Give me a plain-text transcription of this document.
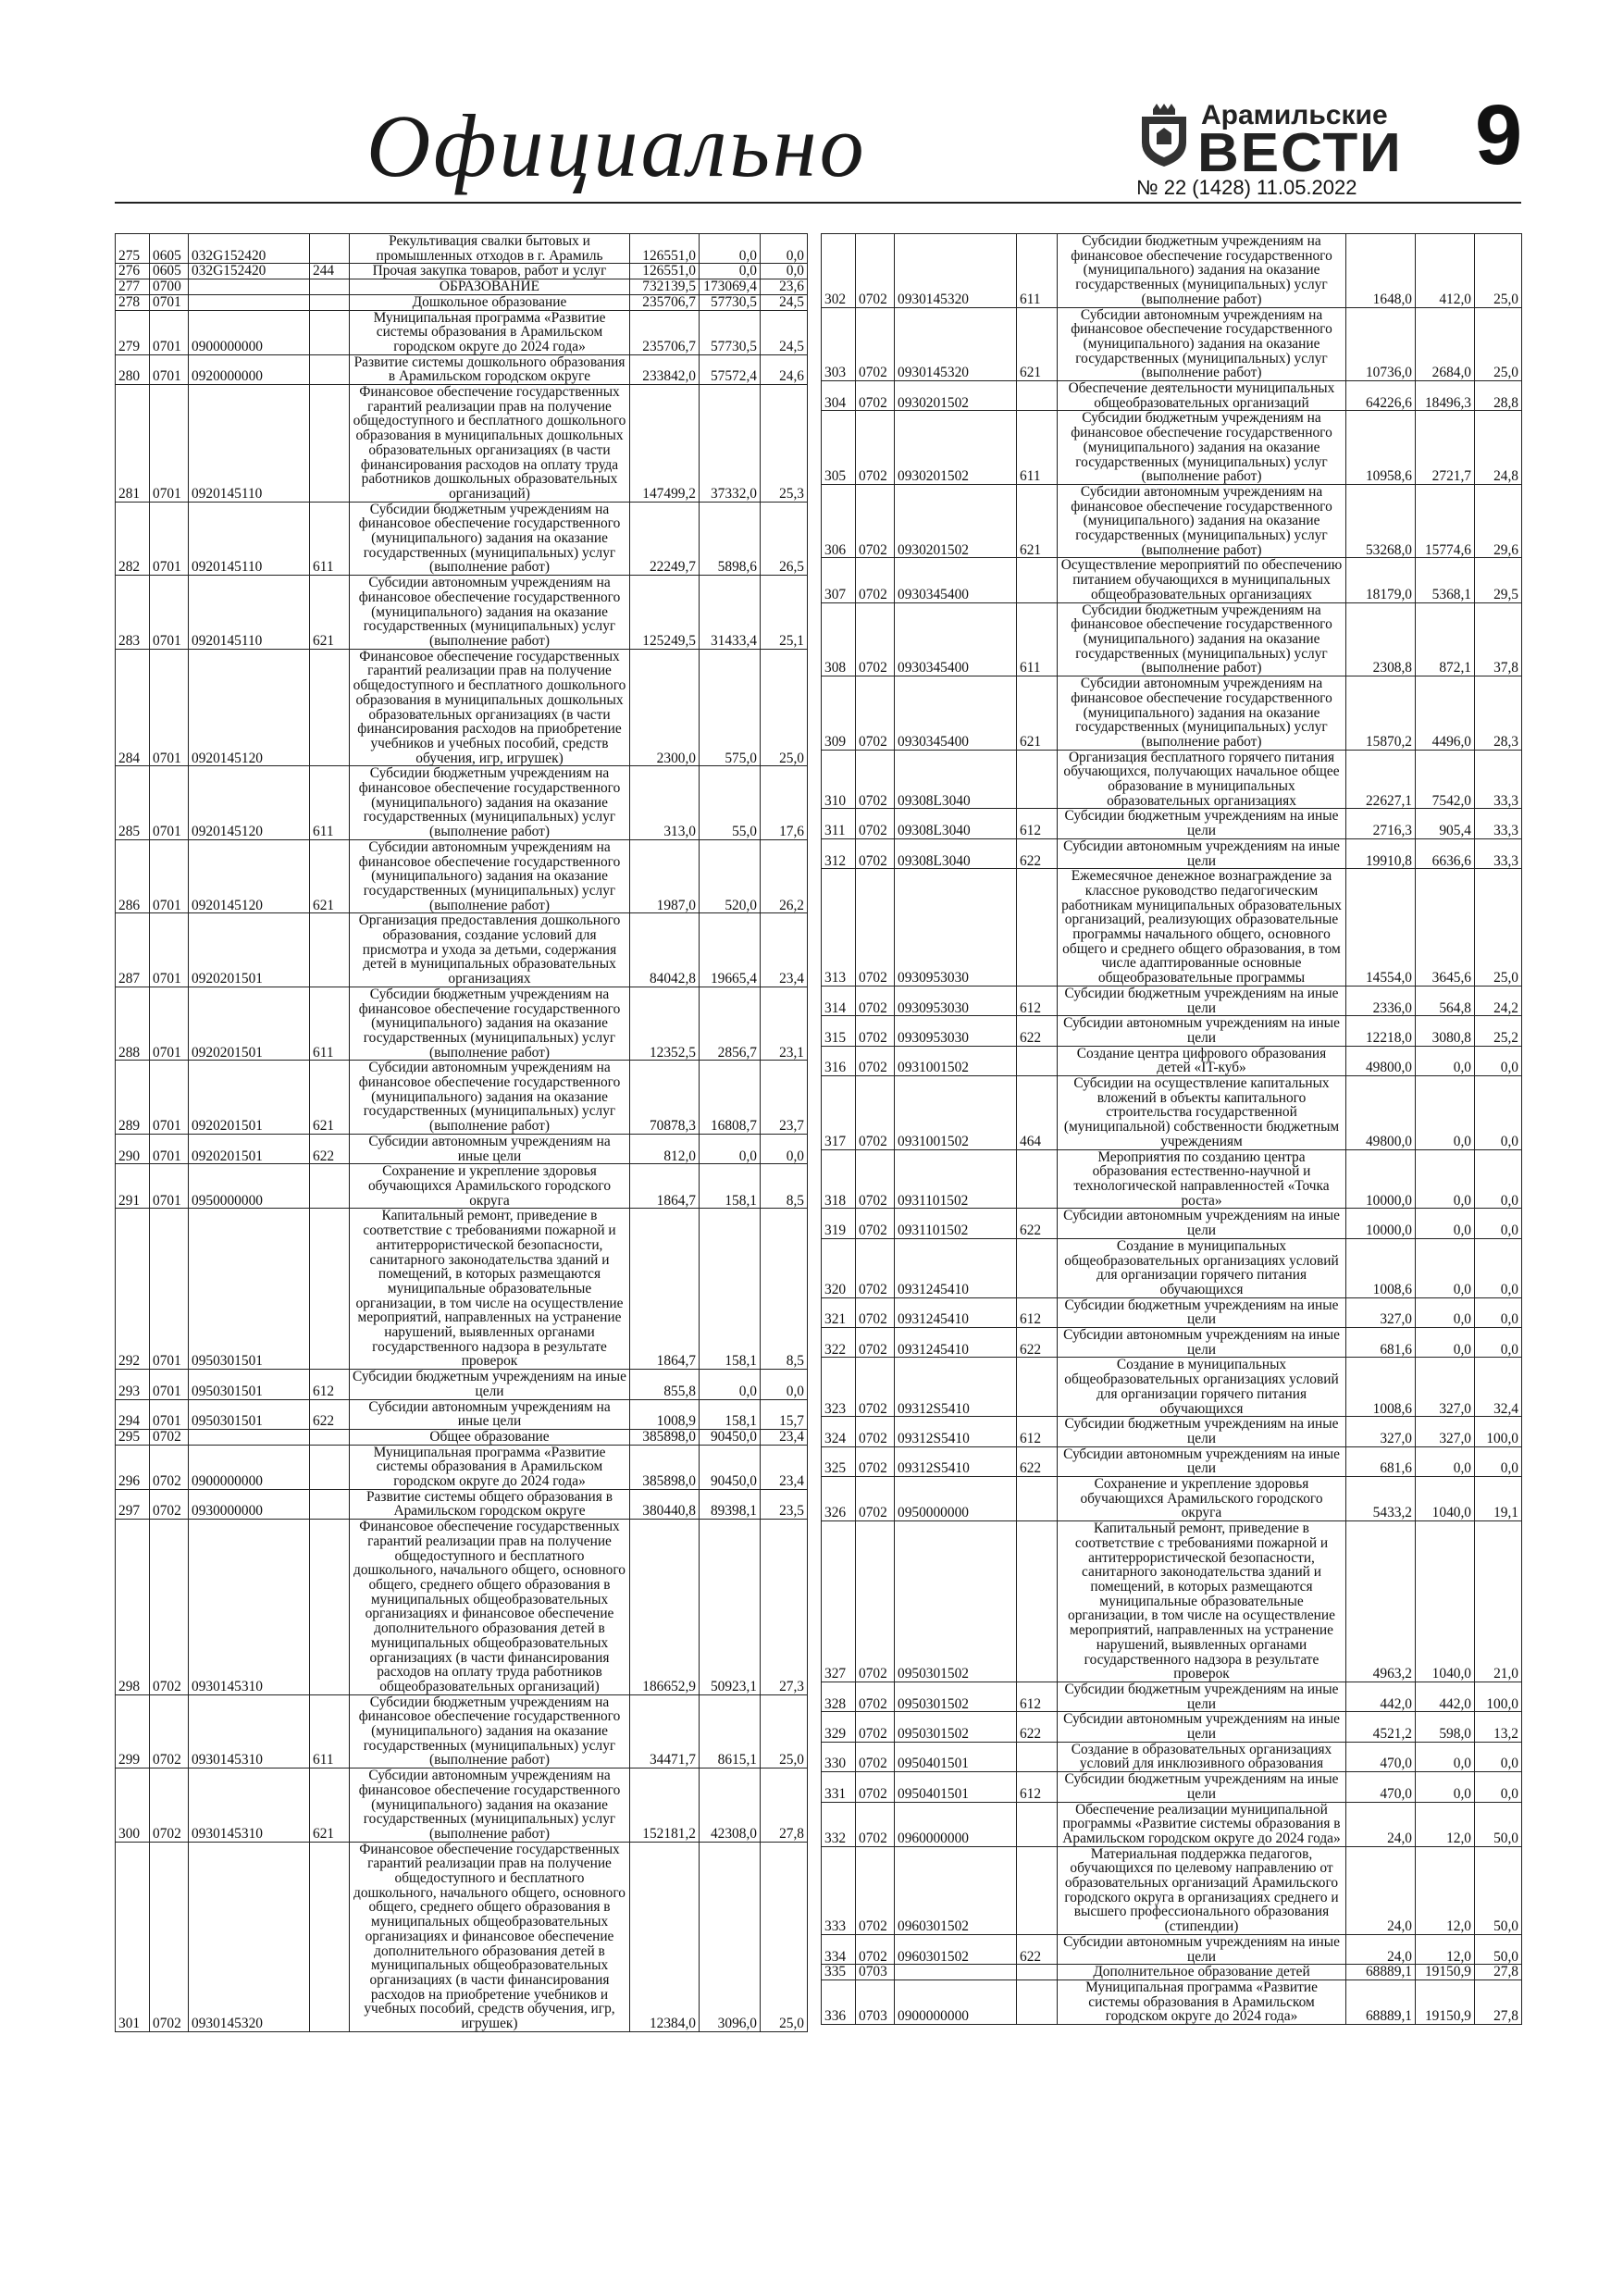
Официально	Арамильские
ВЕСТИ
№ 22 (1428) 11.05.2022
9
275	0605	032G152420		Рекультивация свалки бытовых и промышленных отходов в г. Арамиль	126551,0	0,0	0,0
276	0605	032G152420	244	Прочая закупка товаров, работ и услуг	126551,0	0,0	0,0
277	0700			ОБРАЗОВАНИЕ	732139,5	173069,4	23,6
278	0701			Дошкольное образование	235706,7	57730,5	24,5
279	0701	0900000000		Муниципальная программа «Развитие системы образования в Арамильском городском округе до 2024 года»	235706,7	57730,5	24,5
280	0701	0920000000		Развитие системы дошкольного образования в Арамильском городском округе	233842,0	57572,4	24,6
281	0701	0920145110		Финансовое обеспечение государственных гарантий реализации прав на получение общедоступного и бесплатного дошкольного образования в муниципальных дошкольных образовательных организациях (в части финансирования расходов на оплату труда работников дошкольных образовательных организаций)	147499,2	37332,0	25,3
282	0701	0920145110	611	Субсидии бюджетным учреждениям на финансовое обеспечение государственного (муниципального) задания на оказание государственных (муниципальных) услуг (выполнение работ)	22249,7	5898,6	26,5
283	0701	0920145110	621	Субсидии автономным учреждениям на финансовое обеспечение государственного (муниципального) задания на оказание государственных (муниципальных) услуг (выполнение работ)	125249,5	31433,4	25,1
284	0701	0920145120		Финансовое обеспечение государственных гарантий реализации прав на получение общедоступного и бесплатного дошкольного образования в муниципальных дошкольных образовательных организациях (в части финансирования расходов на приобретение учебников и учебных пособий, средств обучения, игр, игрушек)	2300,0	575,0	25,0
285	0701	0920145120	611	Субсидии бюджетным учреждениям на финансовое обеспечение государственного (муниципального) задания на оказание государственных (муниципальных) услуг (выполнение работ)	313,0	55,0	17,6
286	0701	0920145120	621	Субсидии автономным учреждениям на финансовое обеспечение государственного (муниципального) задания на оказание государственных (муниципальных) услуг (выполнение работ)	1987,0	520,0	26,2
287	0701	0920201501		Организация предоставления дошкольного образования, создание условий для присмотра и ухода за детьми, содержания детей в муниципальных образовательных организациях	84042,8	19665,4	23,4
288	0701	0920201501	611	Субсидии бюджетным учреждениям на финансовое обеспечение государственного (муниципального) задания на оказание государственных (муниципальных) услуг (выполнение работ)	12352,5	2856,7	23,1
289	0701	0920201501	621	Субсидии автономным учреждениям на финансовое обеспечение государственного (муниципального) задания на оказание государственных (муниципальных) услуг (выполнение работ)	70878,3	16808,7	23,7
290	0701	0920201501	622	Субсидии автономным учреждениям на иные цели	812,0	0,0	0,0
291	0701	0950000000		Сохранение и укрепление здоровья обучающихся Арамильского городского округа	1864,7	158,1	8,5
292	0701	0950301501		Капитальный ремонт, приведение в соответствие с требованиями пожарной и антитеррористической безопасности, санитарного законодательства зданий и помещений, в которых размещаются муниципальные образовательные организации, в том числе на осуществление мероприятий, направленных на устранение нарушений, выявленных органами государственного надзора в результате проверок	1864,7	158,1	8,5
293	0701	0950301501	612	Субсидии бюджетным учреждениям на иные цели	855,8	0,0	0,0
294	0701	0950301501	622	Субсидии автономным учреждениям на иные цели	1008,9	158,1	15,7
295	0702			Общее образование	385898,0	90450,0	23,4
296	0702	0900000000		Муниципальная программа «Развитие системы образования в Арамильском городском округе до 2024 года»	385898,0	90450,0	23,4
297	0702	0930000000		Развитие системы общего образования в Арамильском городском округе	380440,8	89398,1	23,5
298	0702	0930145310		Финансовое обеспечение государственных гарантий реализации прав на получение общедоступного и бесплатного дошкольного, начального общего, основного общего, среднего общего образования в муниципальных общеобразовательных организациях и финансовое обеспечение дополнительного образования детей в муниципальных общеобразовательных организациях (в части финансирования расходов на оплату труда работников общеобразовательных организаций)	186652,9	50923,1	27,3
299	0702	0930145310	611	Субсидии бюджетным учреждениям на финансовое обеспечение государственного (муниципального) задания на оказание государственных (муниципальных) услуг (выполнение работ)	34471,7	8615,1	25,0
300	0702	0930145310	621	Субсидии автономным учреждениям на финансовое обеспечение государственного (муниципального) задания на оказание государственных (муниципальных) услуг (выполнение работ)	152181,2	42308,0	27,8
301	0702	0930145320		Финансовое обеспечение государственных гарантий реализации прав на получение общедоступного и бесплатного дошкольного, начального общего, основного общего, среднего общего образования в муниципальных общеобразовательных организациях и финансовое обеспечение дополнительного образования детей в муниципальных общеобразовательных организациях (в части финансирования расходов на приобретение учебников и учебных пособий, средств обучения, игр, игрушек)	12384,0	3096,0	25,0
302	0702	0930145320	611	Субсидии бюджетным учреждениям на финансовое обеспечение государственного (муниципального) задания на оказание государственных (муниципальных) услуг (выполнение работ)	1648,0	412,0	25,0
303	0702	0930145320	621	Субсидии автономным учреждениям на финансовое обеспечение государственного (муниципального) задания на оказание государственных (муниципальных) услуг (выполнение работ)	10736,0	2684,0	25,0
304	0702	0930201502		Обеспечение деятельности муниципальных общеобразовательных организаций	64226,6	18496,3	28,8
305	0702	0930201502	611	Субсидии бюджетным учреждениям на финансовое обеспечение государственного (муниципального) задания на оказание государственных (муниципальных) услуг (выполнение работ)	10958,6	2721,7	24,8
306	0702	0930201502	621	Субсидии автономным учреждениям на финансовое обеспечение государственного (муниципального) задания на оказание государственных (муниципальных) услуг (выполнение работ)	53268,0	15774,6	29,6
307	0702	0930345400		Осуществление мероприятий по обеспечению питанием обучающихся в муниципальных общеобразовательных организациях	18179,0	5368,1	29,5
308	0702	0930345400	611	Субсидии бюджетным учреждениям на финансовое обеспечение государственного (муниципального) задания на оказание государственных (муниципальных) услуг (выполнение работ)	2308,8	872,1	37,8
309	0702	0930345400	621	Субсидии автономным учреждениям на финансовое обеспечение государственного (муниципального) задания на оказание государственных (муниципальных) услуг (выполнение работ)	15870,2	4496,0	28,3
310	0702	09308L3040		Организация бесплатного горячего питания обучающихся, получающих начальное общее образование в муниципальных образовательных организациях	22627,1	7542,0	33,3
311	0702	09308L3040	612	Субсидии бюджетным учреждениям на иные цели	2716,3	905,4	33,3
312	0702	09308L3040	622	Субсидии автономным учреждениям на иные цели	19910,8	6636,6	33,3
313	0702	0930953030		Ежемесячное денежное вознаграждение за классное руководство педагогическим работникам муниципальных образовательных организаций, реализующих образовательные программы начального общего, основного общего и среднего общего образования, в том числе адаптированные основные общеобразовательные программы	14554,0	3645,6	25,0
314	0702	0930953030	612	Субсидии бюджетным учреждениям на иные цели	2336,0	564,8	24,2
315	0702	0930953030	622	Субсидии автономным учреждениям на иные цели	12218,0	3080,8	25,2
316	0702	0931001502		Создание центра цифрового образования детей «IT-куб»	49800,0	0,0	0,0
317	0702	0931001502	464	Субсидии на осуществление капитальных вложений в объекты капитального строительства государственной (муниципальной) собственности бюджетным учреждениям	49800,0	0,0	0,0
318	0702	0931101502		Мероприятия по созданию центра образования естественно-научной и технологической направленностей «Точка роста»	10000,0	0,0	0,0
319	0702	0931101502	622	Субсидии автономным учреждениям на иные цели	10000,0	0,0	0,0
320	0702	0931245410		Создание в муниципальных общеобразовательных организациях условий для организации горячего питания обучающихся	1008,6	0,0	0,0
321	0702	0931245410	612	Субсидии бюджетным учреждениям на иные цели	327,0	0,0	0,0
322	0702	0931245410	622	Субсидии автономным учреждениям на иные цели	681,6	0,0	0,0
323	0702	09312S5410		Создание в муниципальных общеобразовательных организациях условий для организации горячего питания обучающихся	1008,6	327,0	32,4
324	0702	09312S5410	612	Субсидии бюджетным учреждениям на иные цели	327,0	327,0	100,0
325	0702	09312S5410	622	Субсидии автономным учреждениям на иные цели	681,6	0,0	0,0
326	0702	0950000000		Сохранение и укрепление здоровья обучающихся Арамильского городского округа	5433,2	1040,0	19,1
327	0702	0950301502		Капитальный ремонт, приведение в соответствие с требованиями пожарной и антитеррористической безопасности, санитарного законодательства зданий и помещений, в которых размещаются муниципальные образовательные организации, в том числе на осуществление мероприятий, направленных на устранение нарушений, выявленных органами государственного надзора в результате проверок	4963,2	1040,0	21,0
328	0702	0950301502	612	Субсидии бюджетным учреждениям на иные цели	442,0	442,0	100,0
329	0702	0950301502	622	Субсидии автономным учреждениям на иные цели	4521,2	598,0	13,2
330	0702	0950401501		Создание в образовательных организациях условий для инклюзивного образования	470,0	0,0	0,0
331	0702	0950401501	612	Субсидии бюджетным учреждениям на иные цели	470,0	0,0	0,0
332	0702	0960000000		Обеспечение реализации муниципальной программы «Развитие системы образования в Арамильском городском округе до 2024 года»	24,0	12,0	50,0
333	0702	0960301502		Материальная поддержка педагогов, обучающихся по целевому направлению от образовательных организаций Арамильского городского округа в организациях среднего и высшего профессионального образования (стипендии)	24,0	12,0	50,0
334	0702	0960301502	622	Субсидии автономным учреждениям на иные цели	24,0	12,0	50,0
335	0703			Дополнительное образование детей	68889,1	19150,9	27,8
336	0703	0900000000		Муниципальная программа «Развитие системы образования в Арамильском городском округе до 2024 года»	68889,1	19150,9	27,8
